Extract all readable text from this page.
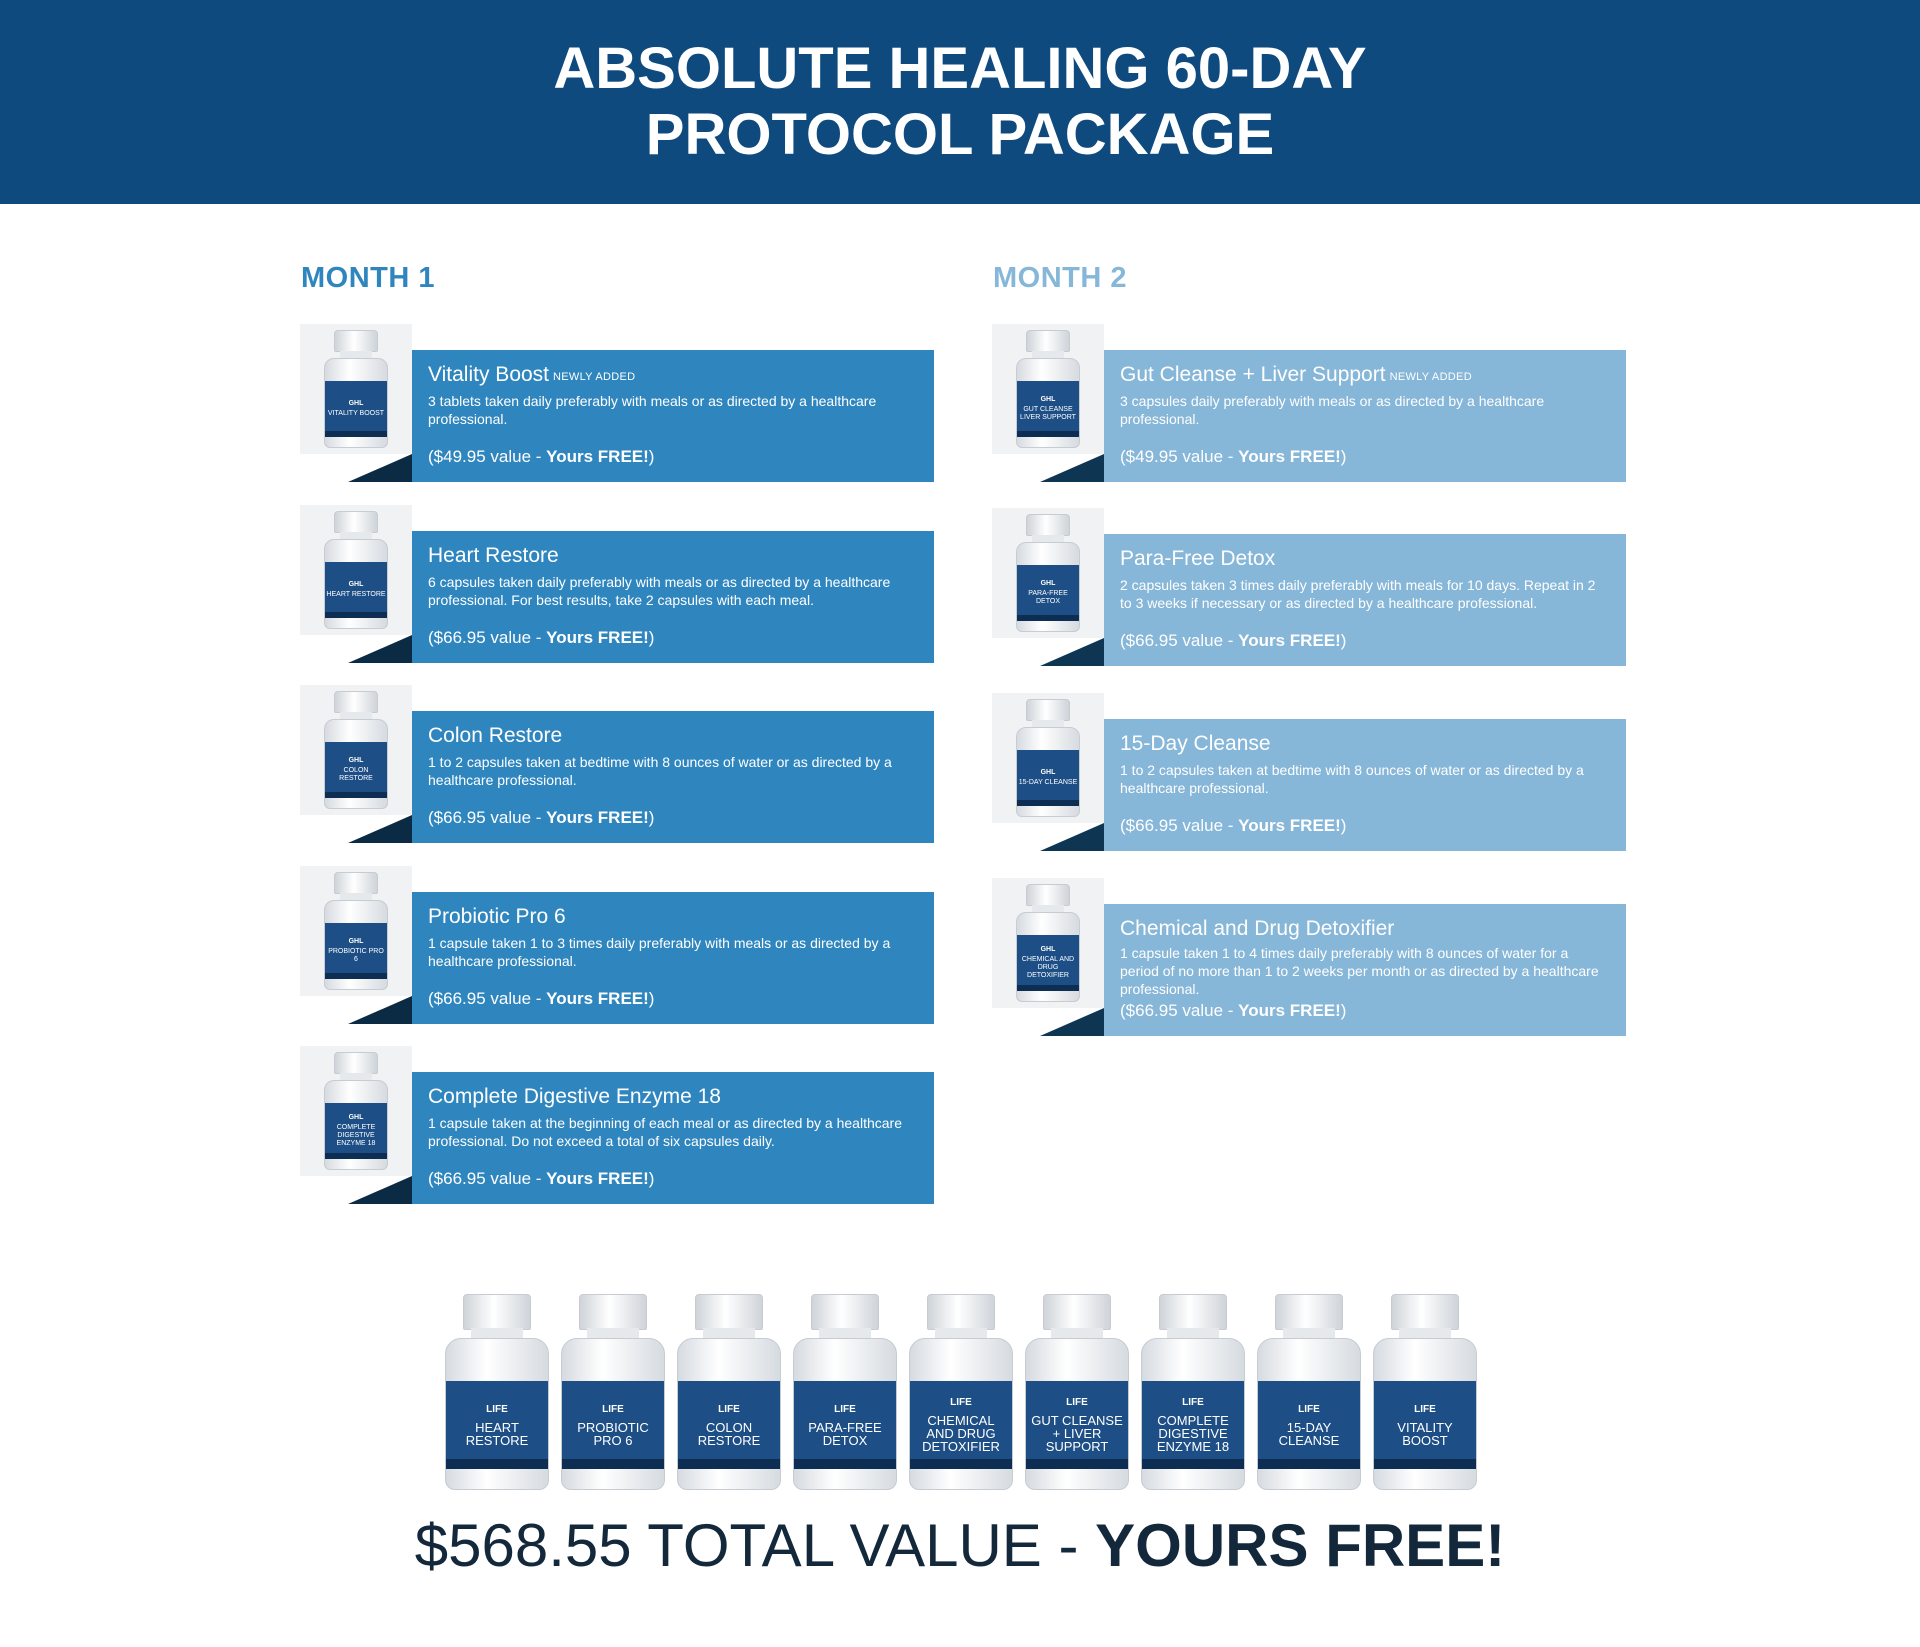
ABSOLUTE HEALING 60-DAY PROTOCOL PACKAGE
MONTH 1	MONTH 2
GHL
VITALITY BOOST
Vitality Boost $^{NEWLY ADDED}$
3 tablets taken daily preferably with meals or as directed by a healthcare professional.
($49.95 value - Yours FREE!)
GHL
HEART RESTORE
Heart Restore
6 capsules taken daily preferably with meals or as directed by a healthcare professional. For best results, take 2 capsules with each meal.
($66.95 value - Yours FREE!)
GHL
COLON RESTORE
Colon Restore
1 to 2 capsules taken at bedtime with 8 ounces of water or as directed by a healthcare professional.
($66.95 value - Yours FREE!)
GHL
PROBIOTIC PRO 6
Probiotic Pro 6
1 capsule taken 1 to 3 times daily preferably with meals or as directed by a healthcare professional.
($66.95 value - Yours FREE!)
GHL
COMPLETE DIGESTIVE ENZYME 18
Complete Digestive Enzyme 18
1 capsule taken at the beginning of each meal or as directed by a healthcare professional. Do not exceed a total of six capsules daily.
($66.95 value - Yours FREE!)
GHL
GUT CLEANSE LIVER SUPPORT
Gut Cleanse + Liver Support $^{NEWLY ADDED}$
3 capsules daily preferably with meals or as directed by a healthcare professional.
($49.95 value - Yours FREE!)
GHL
PARA-FREE DETOX
Para-Free Detox
2 capsules taken 3 times daily preferably with meals for 10 days. Repeat in 2 to 3 weeks if necessary or as directed by a healthcare professional.
($66.95 value - Yours FREE!)
GHL
15-DAY CLEANSE
15-Day Cleanse
1 to 2 capsules taken at bedtime with 8 ounces of water or as directed by a healthcare professional.
($66.95 value - Yours FREE!)
GHL
CHEMICAL AND DRUG DETOXIFIER
Chemical and Drug Detoxifier
1 capsule taken 1 to 4 times daily preferably with 8 ounces of water for a period of no more than 1 to 2 weeks per month or as directed by a healthcare professional.
($66.95 value - Yours FREE!)
LIFE
HEART RESTORE
LIFE
PROBIOTIC PRO 6
LIFE
COLON RESTORE
LIFE
PARA-FREE DETOX
LIFE
CHEMICAL AND DRUG DETOXIFIER
LIFE
GUT CLEANSE + LIVER SUPPORT
LIFE
COMPLETE DIGESTIVE ENZYME 18
LIFE
15-DAY CLEANSE
LIFE
VITALITY BOOST
$568.55 TOTAL VALUE - YOURS FREE!
